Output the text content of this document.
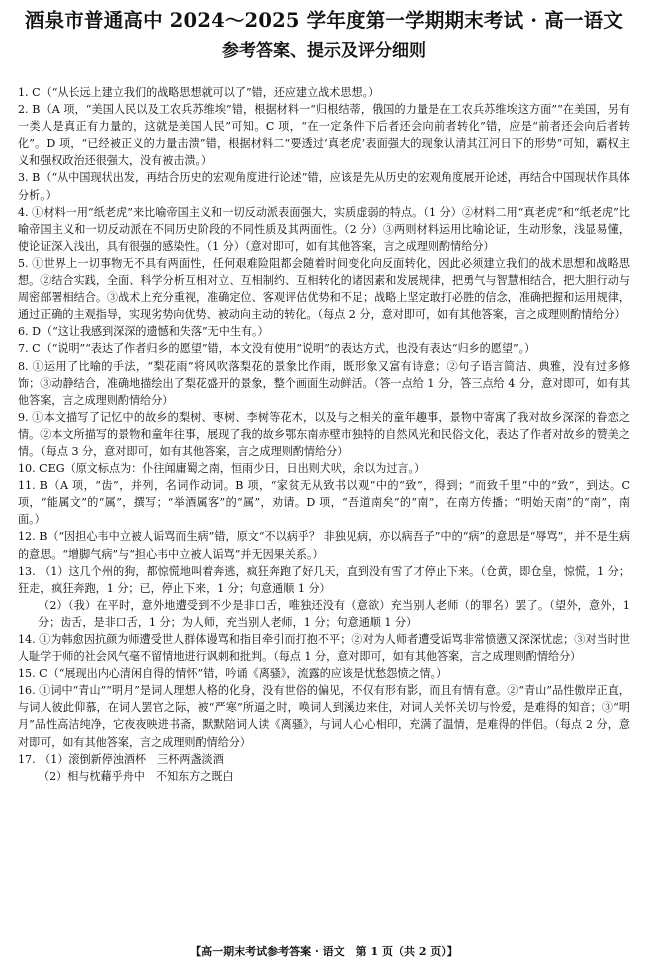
酒泉市普通高中 2024～2025 学年度第一学期期末考试 · 高一语文
参考答案、提示及评分细则

1. C（“从长远上建立我们的战略思想就可以了”错，还应建立战术思想。）

2. B（A 项，“美国人民以及工农兵苏维埃”错，根据材料一“归根结蒂，俄国的力量是在工农兵苏维埃这方面”“在美国，另有一类人是真正有力量的，这就是美国人民”可知。C 项，“在一定条件下后者还会向前者转化”错，应是“前者还会向后者转化”。D 项，“已经被正义的力量击溃”错，根据材料二“要透过‘真老虎’表面强大的现象认清其江河日下的形势”可知，霸权主义和强权政治还很强大，没有被击溃。）

3. B（“从中国现状出发，再结合历史的宏观角度进行论述”错，应该是先从历史的宏观角度展开论述，再结合中国现状作具体分析。）

4. ①材料一用“纸老虎”来比喻帝国主义和一切反动派表面强大，实质虚弱的特点。（1 分）②材料二用“真老虎”和“纸老虎”比喻帝国主义和一切反动派在不同历史阶段的不同性质及其两面性。（2 分）③两则材料运用比喻论证，生动形象，浅显易懂，使论证深入浅出，具有很强的感染性。（1 分）（意对即可，如有其他答案，言之成理则酌情给分）

5. ①世界上一切事物无不具有两面性，任何艰难险阻都会随着时间变化向反面转化，因此必须建立我们的战术思想和战略思想。②结合实践，全面、科学分析互相对立、互相制约、互相转化的诸因素和发展规律，把勇气与智慧相结合，把大胆行动与周密部署相结合。③战术上充分重视，准确定位、客观评估优势和不足；战略上坚定敢打必胜的信念，准确把握和运用规律，通过正确的主观指导，实现劣势向优势、被动向主动的转化。（每点 2 分，意对即可，如有其他答案，言之成理则酌情给分）

6. D（“这让我感到深深的遗憾和失落”无中生有。）

7. C（“说明”“表达了作者归乡的愿望”错，本文没有使用“说明”的表达方式，也没有表达“归乡的愿望”。）

8. ①运用了比喻的手法，“梨花雨”将风吹落梨花的景象比作雨，既形象又富有诗意；②句子语言简洁、典雅，没有过多修饰；③动静结合，准确地描绘出了梨花盛开的景象，整个画面生动鲜活。（答一点给 1 分，答三点给 4 分，意对即可，如有其他答案，言之成理则酌情给分）

9. ①本文描写了记忆中的故乡的梨树、枣树、李树等花木，以及与之相关的童年趣事，景物中寄寓了我对故乡深深的眷恋之情。②本文所描写的景物和童年往事，展现了我的故乡鄂东南赤壁市独特的自然风光和民俗文化，表达了作者对故乡的赞美之情。（每点 3 分，意对即可，如有其他答案，言之成理则酌情给分）

10. CEG（原文标点为：仆往闻庸蜀之南，恒雨少日，日出则犬吠，余以为过言。）

11. B（A 项，“齿”，并列，名词作动词。B 项，“家贫无从致书以观”中的“致”，得到；“而致千里”中的“致”，到达。C 项，“能属文”的“属”，撰写；“举酒属客”的“属”，劝请。D 项，“吾道南矣”的“南”，在南方传播；“明始天南”的“南”，南面。）

12. B（“因担心韦中立被人诟骂而生病”错，原文“不以病乎？ 非独见病，亦以病吾子”中的“病”的意思是“辱骂”，并不是生病的意思。“增脚气病”与“担心韦中立被人诟骂”并无因果关系。）

13. （1）这几个州的狗，都惊慌地叫着奔逃，疯狂奔跑了好几天，直到没有雪了才停止下来。（仓黄，即仓皇，惊慌，1 分；狂走，疯狂奔跑，1 分；已，停止下来，1 分；句意通顺 1 分）

（2）（我）在平时，意外地遭受到不少是非口舌，唯独还没有（意欲）充当别人老师（的罪名）罢了。（望外，意外，1 分；齿舌，是非口舌，1 分；为人师，充当别人老师，1 分；句意通顺 1 分）

14. ①为韩愈因抗颜为师遭受世人群体谩骂和指目牵引而打抱不平；②对为人师者遭受诟骂非常愤懑又深深忧虑；③对当时世人耻学于师的社会风气毫不留情地进行讽刺和批判。（每点 1 分，意对即可，如有其他答案，言之成理则酌情给分）

15. C（“展现出内心清闲自得的情怀”错，吟诵《离骚》，流露的应该是忧愁怨愤之情。）

16. ①词中“青山”“明月”是词人理想人格的化身，没有世俗的偏见，不仅有形有影，而且有情有意。②“青山”品性傲岸正直，与词人彼此仰慕，在词人罢官之际，被“严寒”所逼之时，唤词人到溪边来住，对词人关怀关切与怜爱，是难得的知音；③“明月”品性高洁纯净，它夜夜映进书斋，默默陪词人读《离骚》，与词人心心相印，充满了温情，是难得的伴侣。（每点 2 分，意对即可，如有其他答案，言之成理则酌情给分）

17. （1）滚倒新停浊酒杯　三杯两盏淡酒

（2）相与枕藉乎舟中　不知东方之既白

【高一期末考试参考答案 · 语文　第 1 页（共 2 页）】
